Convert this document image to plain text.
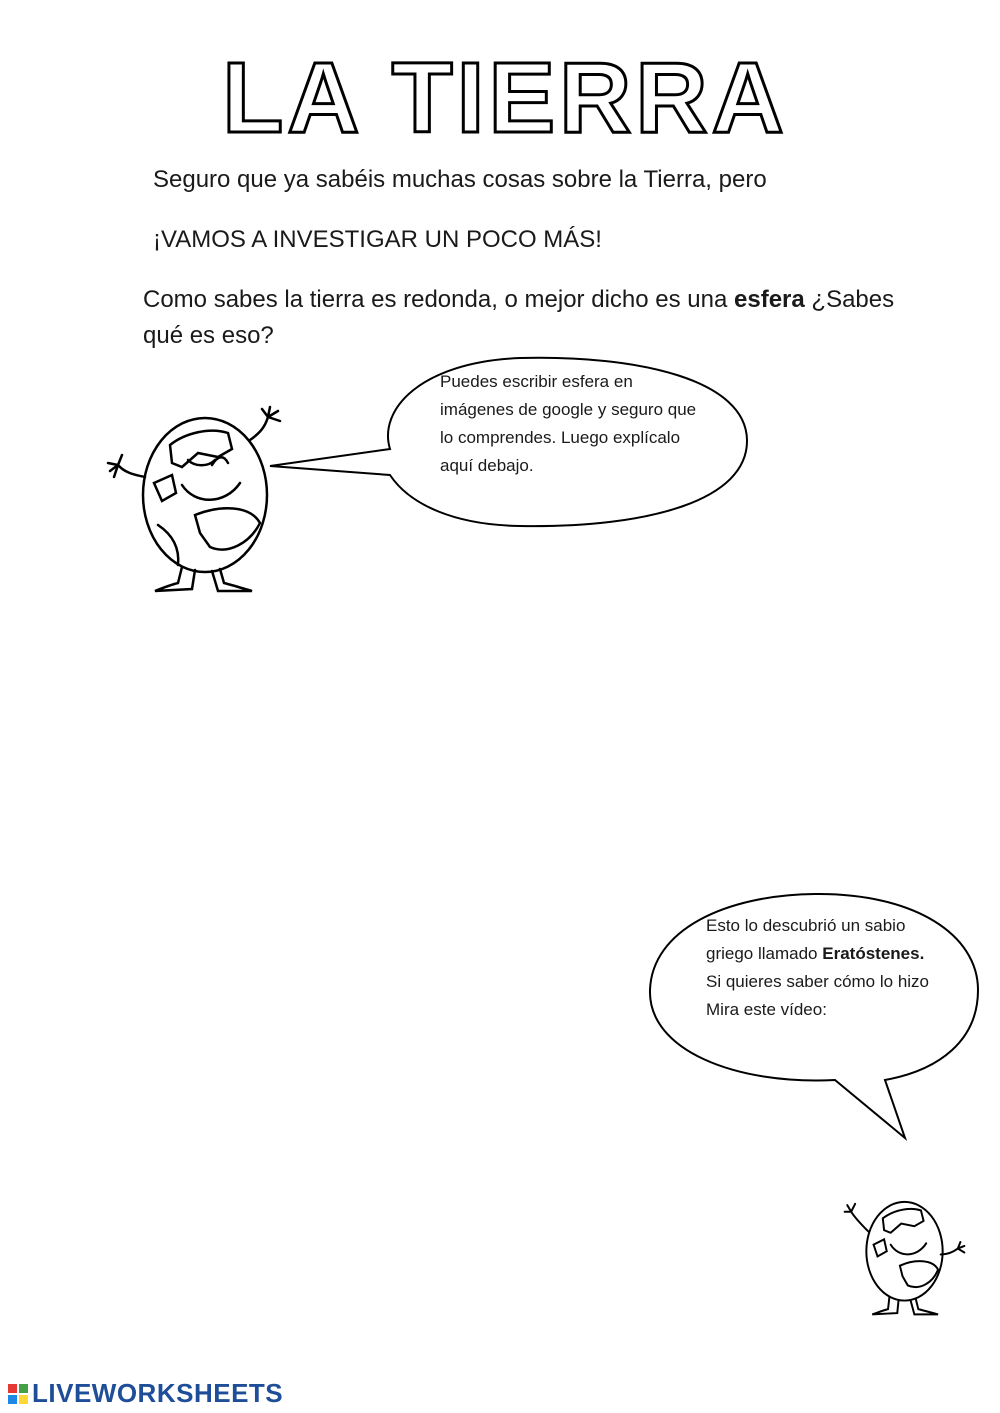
LA TIERRA
Seguro que ya sabéis muchas cosas sobre la Tierra, pero
¡VAMOS A INVESTIGAR UN POCO MÁS!
Como sabes la tierra es redonda, o mejor dicho es una esfera ¿Sabes qué es eso?
Puedes escribir esfera en imágenes de google y seguro que lo comprendes. Luego explícalo aquí debajo.
Esto lo descubrió un sabio griego llamado Eratóstenes. Si quieres saber cómo lo hizo Mira este vídeo:
LIVEWORKSHEETS
